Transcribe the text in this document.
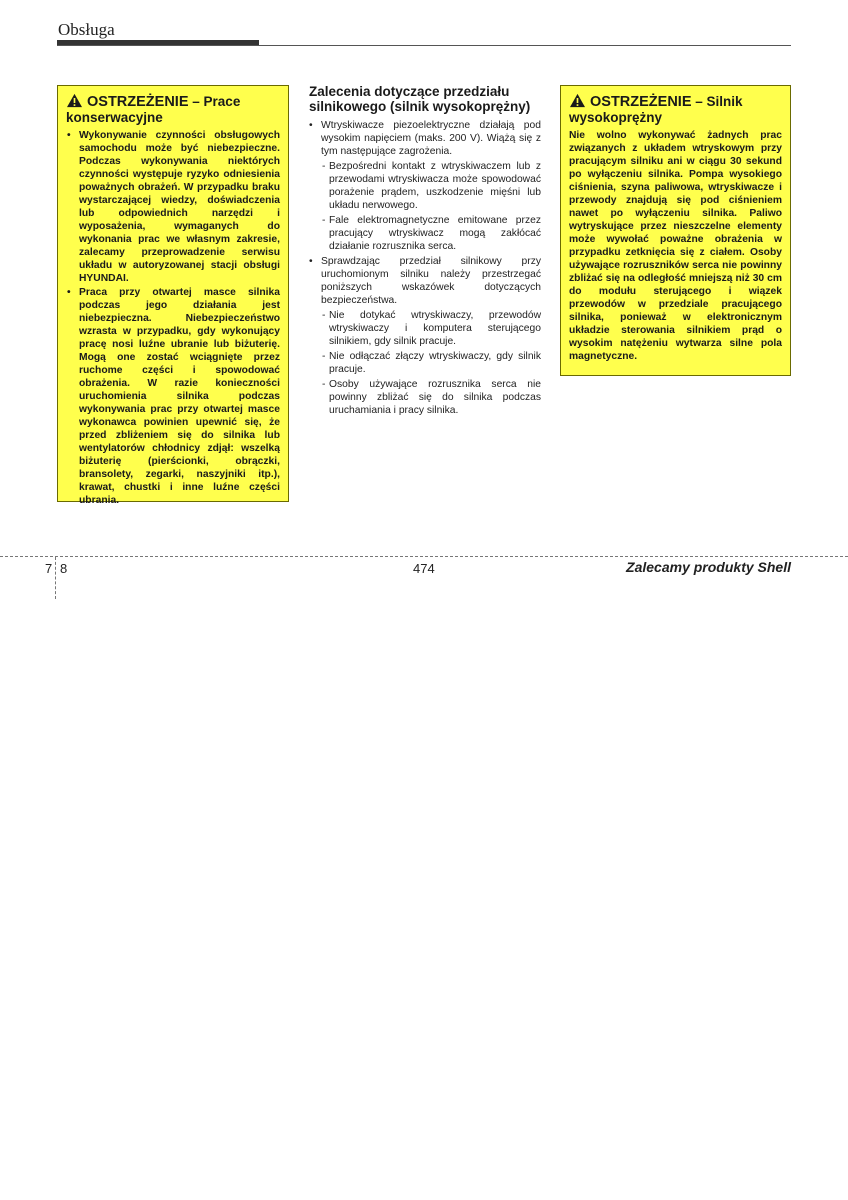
Obsługa
OSTRZEŻENIE – Prace konserwacyjne
• Wykonywanie czynności obsługowych samochodu może być niebezpieczne. Podczas wykonywania niektórych czynności występuje ryzyko odniesienia poważnych obrażeń. W przypadku braku wystarczającej wiedzy, doświadczenia lub odpowiednich narzędzi i wyposażenia, wymaganych do wykonania prac we własnym zakresie, zalecamy przeprowadzenie serwisu układu w autoryzowanej stacji obsługi HYUNDAI.
• Praca przy otwartej masce silnika podczas jego działania jest niebezpieczna. Niebezpieczeństwo wzrasta w przypadku, gdy wykonujący pracę nosi luźne ubranie lub biżuterię. Mogą one zostać wciągnięte przez ruchome części i spowodować obrażenia. W razie konieczności uruchomienia silnika podczas wykonywania prac przy otwartej masce wykonawca powinien upewnić się, że przed zbliżeniem się do silnika lub wentylatorów chłodnicy zdjął: wszelką biżuterię (pierścionki, obrączki, bransolety, zegarki, naszyjniki itp.), krawat, chustki i inne luźne części ubrania.
Zalecenia dotyczące przedziału silnikowego (silnik wysokoprężny)
• Wtryskiwacze piezoelektryczne działają pod wysokim napięciem (maks. 200 V). Wiążą się z tym następujące zagrożenia.
- Bezpośredni kontakt z wtryskiwaczem lub z przewodami wtryskiwacza może spowodować porażenie prądem, uszkodzenie mięśni lub układu nerwowego.
- Fale elektromagnetyczne emitowane przez pracujący wtryskiwacz mogą zakłócać działanie rozrusznika serca.
• Sprawdzając przedział silnikowy przy uruchomionym silniku należy przestrzegać poniższych wskazówek dotyczących bezpieczeństwa.
- Nie dotykać wtryskiwaczy, przewodów wtryskiwaczy i komputera sterującego silnikiem, gdy silnik pracuje.
- Nie odłączać złączy wtryskiwaczy, gdy silnik pracuje.
- Osoby używające rozrusznika serca nie powinny zbliżać się do silnika podczas uruchamiania i pracy silnika.
OSTRZEŻENIE – Silnik wysokoprężny
Nie wolno wykonywać żadnych prac związanych z układem wtryskowym przy pracującym silniku ani w ciągu 30 sekund po wyłączeniu silnika. Pompa wysokiego ciśnienia, szyna paliwowa, wtryskiwacze i przewody znajdują się pod ciśnieniem nawet po wyłączeniu silnika. Paliwo wytryskujące przez nieszczelne elementy może wywołać poważne obrażenia w przypadku zetknięcia się z ciałem. Osoby używające rozruszników serca nie powinny zbliżać się na odległość mniejszą niż 30 cm do modułu sterującego i wiązek przewodów w przedziale pracującego silnika, ponieważ w elektronicznym układzie sterowania silnikiem prąd o wysokim natężeniu wytwarza silne pola magnetyczne.
7 8	474	Zalecamy produkty Shell
